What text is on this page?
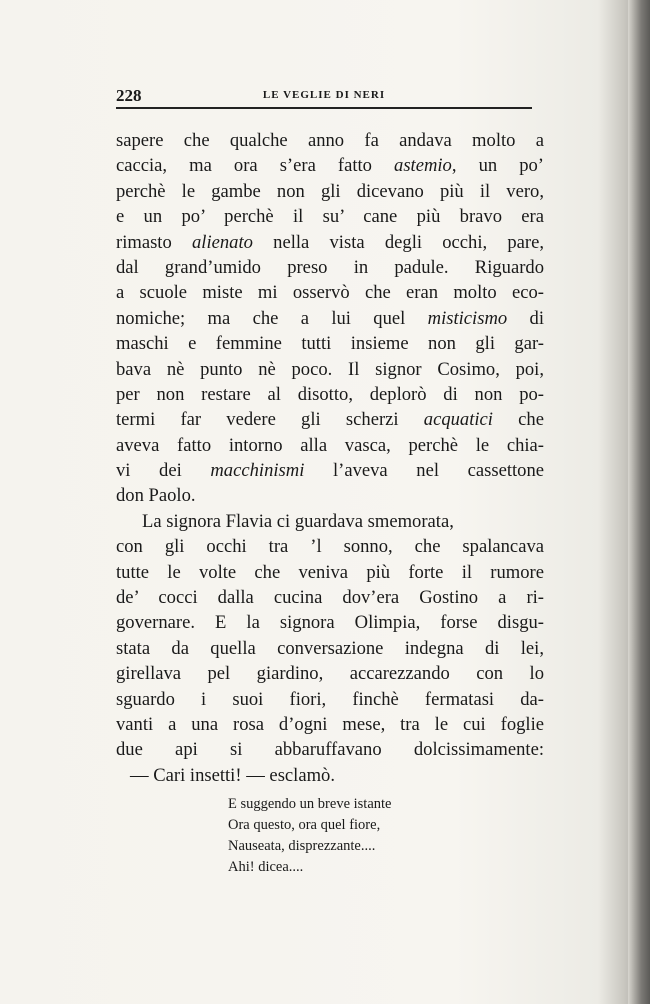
228	LE VEGLIE DI NERI
sapere che qualche anno fa andava molto a
caccia, ma ora s’era fatto astemio, un po’
perchè le gambe non gli dicevano più il vero,
e un po’ perchè il su’ cane più bravo era
rimasto alienato nella vista degli occhi, pare,
dal grand’umido preso in padule. Riguardo
a scuole miste mi osservò che eran molto eco-
nomiche; ma che a lui quel misticismo di
maschi e femmine tutti insieme non gli gar-
bava nè punto nè poco. Il signor Cosimo, poi,
per non restare al disotto, deplorò di non po-
termi far vedere gli scherzi acquatici che
aveva fatto intorno alla vasca, perchè le chia-
vi dei macchinismi l’aveva nel cassettone
don Paolo.
La signora Flavia ci guardava smemorata,
con gli occhi tra ’l sonno, che spalancava
tutte le volte che veniva più forte il rumore
de’ cocci dalla cucina dov’era Gostino a ri-
governare. E la signora Olimpia, forse disgu-
stata da quella conversazione indegna di lei,
girellava pel giardino, accarezzando con lo
sguardo i suoi fiori, finchè fermatasi da-
vanti a una rosa d’ogni mese, tra le cui foglie
due api si abbaruffavano dolcissimamente:
— Cari insetti! — esclamò.
E suggendo un breve istante
Ora questo, ora quel fiore,
Nauseata, disprezzante....
Ahi! dicea....
